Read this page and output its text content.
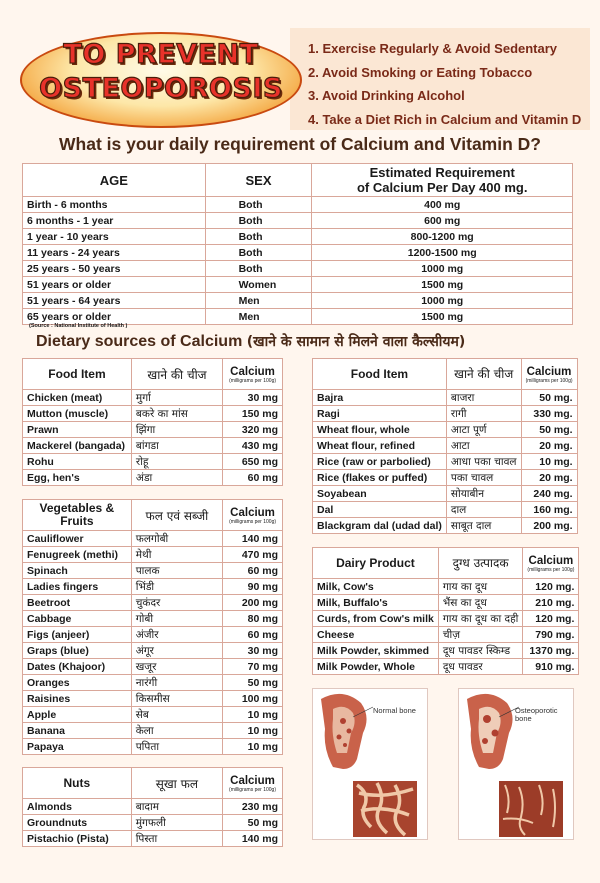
TO PREVENT
OSTEOPOROSIS
1. Exercise Regularly & Avoid Sedentary
2. Avoid Smoking or Eating Tobacco
3. Avoid Drinking Alcohol
4. Take a Diet Rich in Calcium and Vitamin D
What is your daily requirement of Calcium and Vitamin D?
AGE	SEX	Estimated Requirement
of Calcium Per Day 400 mg.

Birth - 6 months	Both	400 mg
6 months - 1 year	Both	600 mg
1 year - 10 years	Both	800-1200 mg
11 years - 24 years	Both	1200-1500 mg
25 years - 50 years	Both	1000 mg
51 years or older	Women	1500 mg
51 years - 64 years	Men	1000 mg
65 years or older	Men	1500 mg
(Source : National Institute of Health )
Dietary sources of Calcium (खाने के सामान से मिलने वाला कैल्सीयम)
Food Item	खाने की चीज	Calcium
(milligrams per 100g)

Chicken (meat)	मुर्गा	30 mg
Mutton (muscle)	बकरे का मांस	150 mg
Prawn	झिंगा	320 mg
Mackerel (bangada)	बांगडा	430 mg
Rohu	रोहू	650 mg
Egg, hen's	अंडा	60 mg
Vegetables & Fruits	फल एवं सब्जी	Calcium
(milligrams per 100g)

Cauliflower	फलगोबी	140 mg
Fenugreek (methi)	मेथी	470 mg
Spinach	पालक	60 mg
Ladies fingers	भिंडी	90 mg
Beetroot	चुकंदर	200 mg
Cabbage	गोबी	80 mg
Figs (anjeer)	अंजीर	60 mg
Graps (blue)	अंगूर	30 mg
Dates (Khajoor)	खजूर	70 mg
Oranges	नारंगी	50 mg
Raisines	किसमीस	100 mg
Apple	सेब	10 mg
Banana	केला	10 mg
Papaya	पपिता	10 mg
Nuts	सूखा फल	Calcium
(milligrams per 100g)

Almonds	बादाम	230 mg
Groundnuts	मुंगफली	50 mg
Pistachio (Pista)	पिस्ता	140 mg
Food Item	खाने की चीज	Calcium
(milligrams per 100g)

Bajra	बाजरा	50 mg.
Ragi	रागी	330 mg.
Wheat flour, whole	आटा पूर्ण	50 mg.
Wheat flour, refined	आटा	20 mg.
Rice (raw or parbolied)	आधा पका चावल	10 mg.
Rice (flakes or puffed)	पका चावल	20 mg.
Soyabean	सोयाबीन	240 mg.
Dal	दाल	160 mg.
Blackgram dal (udad dal)	साबूत दाल	200 mg.
Dairy Product	दुग्ध उत्पादक	Calcium
(milligrams per 100g)

Milk, Cow's	गाय का दूध	120 mg.
Milk, Buffalo's	भैंस का दूध	210 mg.
Curds, from Cow's milk	गाय का दूध का दही	120 mg.
Cheese	चीज़	790 mg.
Milk Powder, skimmed	दूध पावडर स्किम्ड	1370 mg.
Milk Powder, Whole	दूध पावडर	910 mg.
Normal bone	Osteoporotic bone
